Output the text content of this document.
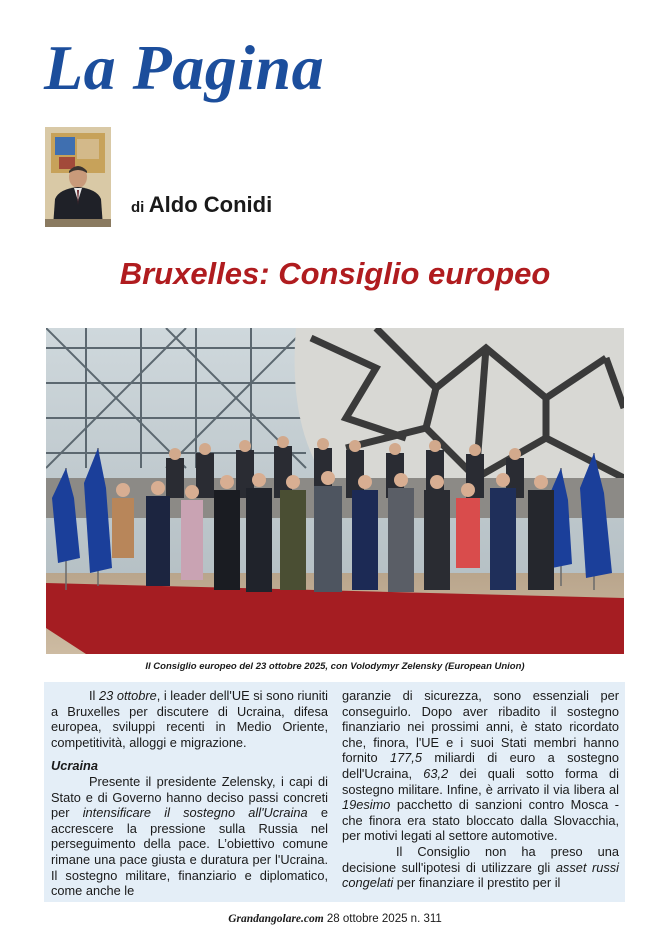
La Pagina
di Aldo Conidi
Bruxelles: Consiglio europeo
Il Consiglio europeo del 23 ottobre 2025, con Volodymyr Zelensky (European Union)

Il 23 ottobre, i leader dell'UE si sono riuniti a Bruxelles per discutere di Ucraina, difesa europea, sviluppi recenti in Medio Oriente, competitività, alloggi e migrazione.

Ucraina

Presente il presidente Zelensky, i capi di Stato e di Governo hanno deciso passi concreti per intensificare il sostegno all'Ucraina e accrescere la pressione sulla Russia nel perseguimento della pace. L’obiettivo comune rimane una pace giusta e duratura per l'Ucraina. Il sostegno militare, finanziario e diplomatico, come anche le

garanzie di sicurezza, sono essenziali per conseguirlo. Dopo aver ribadito il sostegno finanziario nei prossimi anni, è stato ricordato che, finora, l'UE e i suoi Stati membri hanno fornito 177,5 miliardi di euro a sostegno dell'Ucraina, 63,2 dei quali sotto forma di sostegno militare. Infine, è arrivato il via libera al 19esimo pacchetto di sanzioni contro Mosca - che finora era stato bloccato dalla Slovacchia, per motivi legati al settore automotive.

Il Consiglio non ha preso una decisione sull'ipotesi di utilizzare gli asset russi congelati per finanziare il prestito per il

Grandangolare.com 28 ottobre 2025 n. 311
